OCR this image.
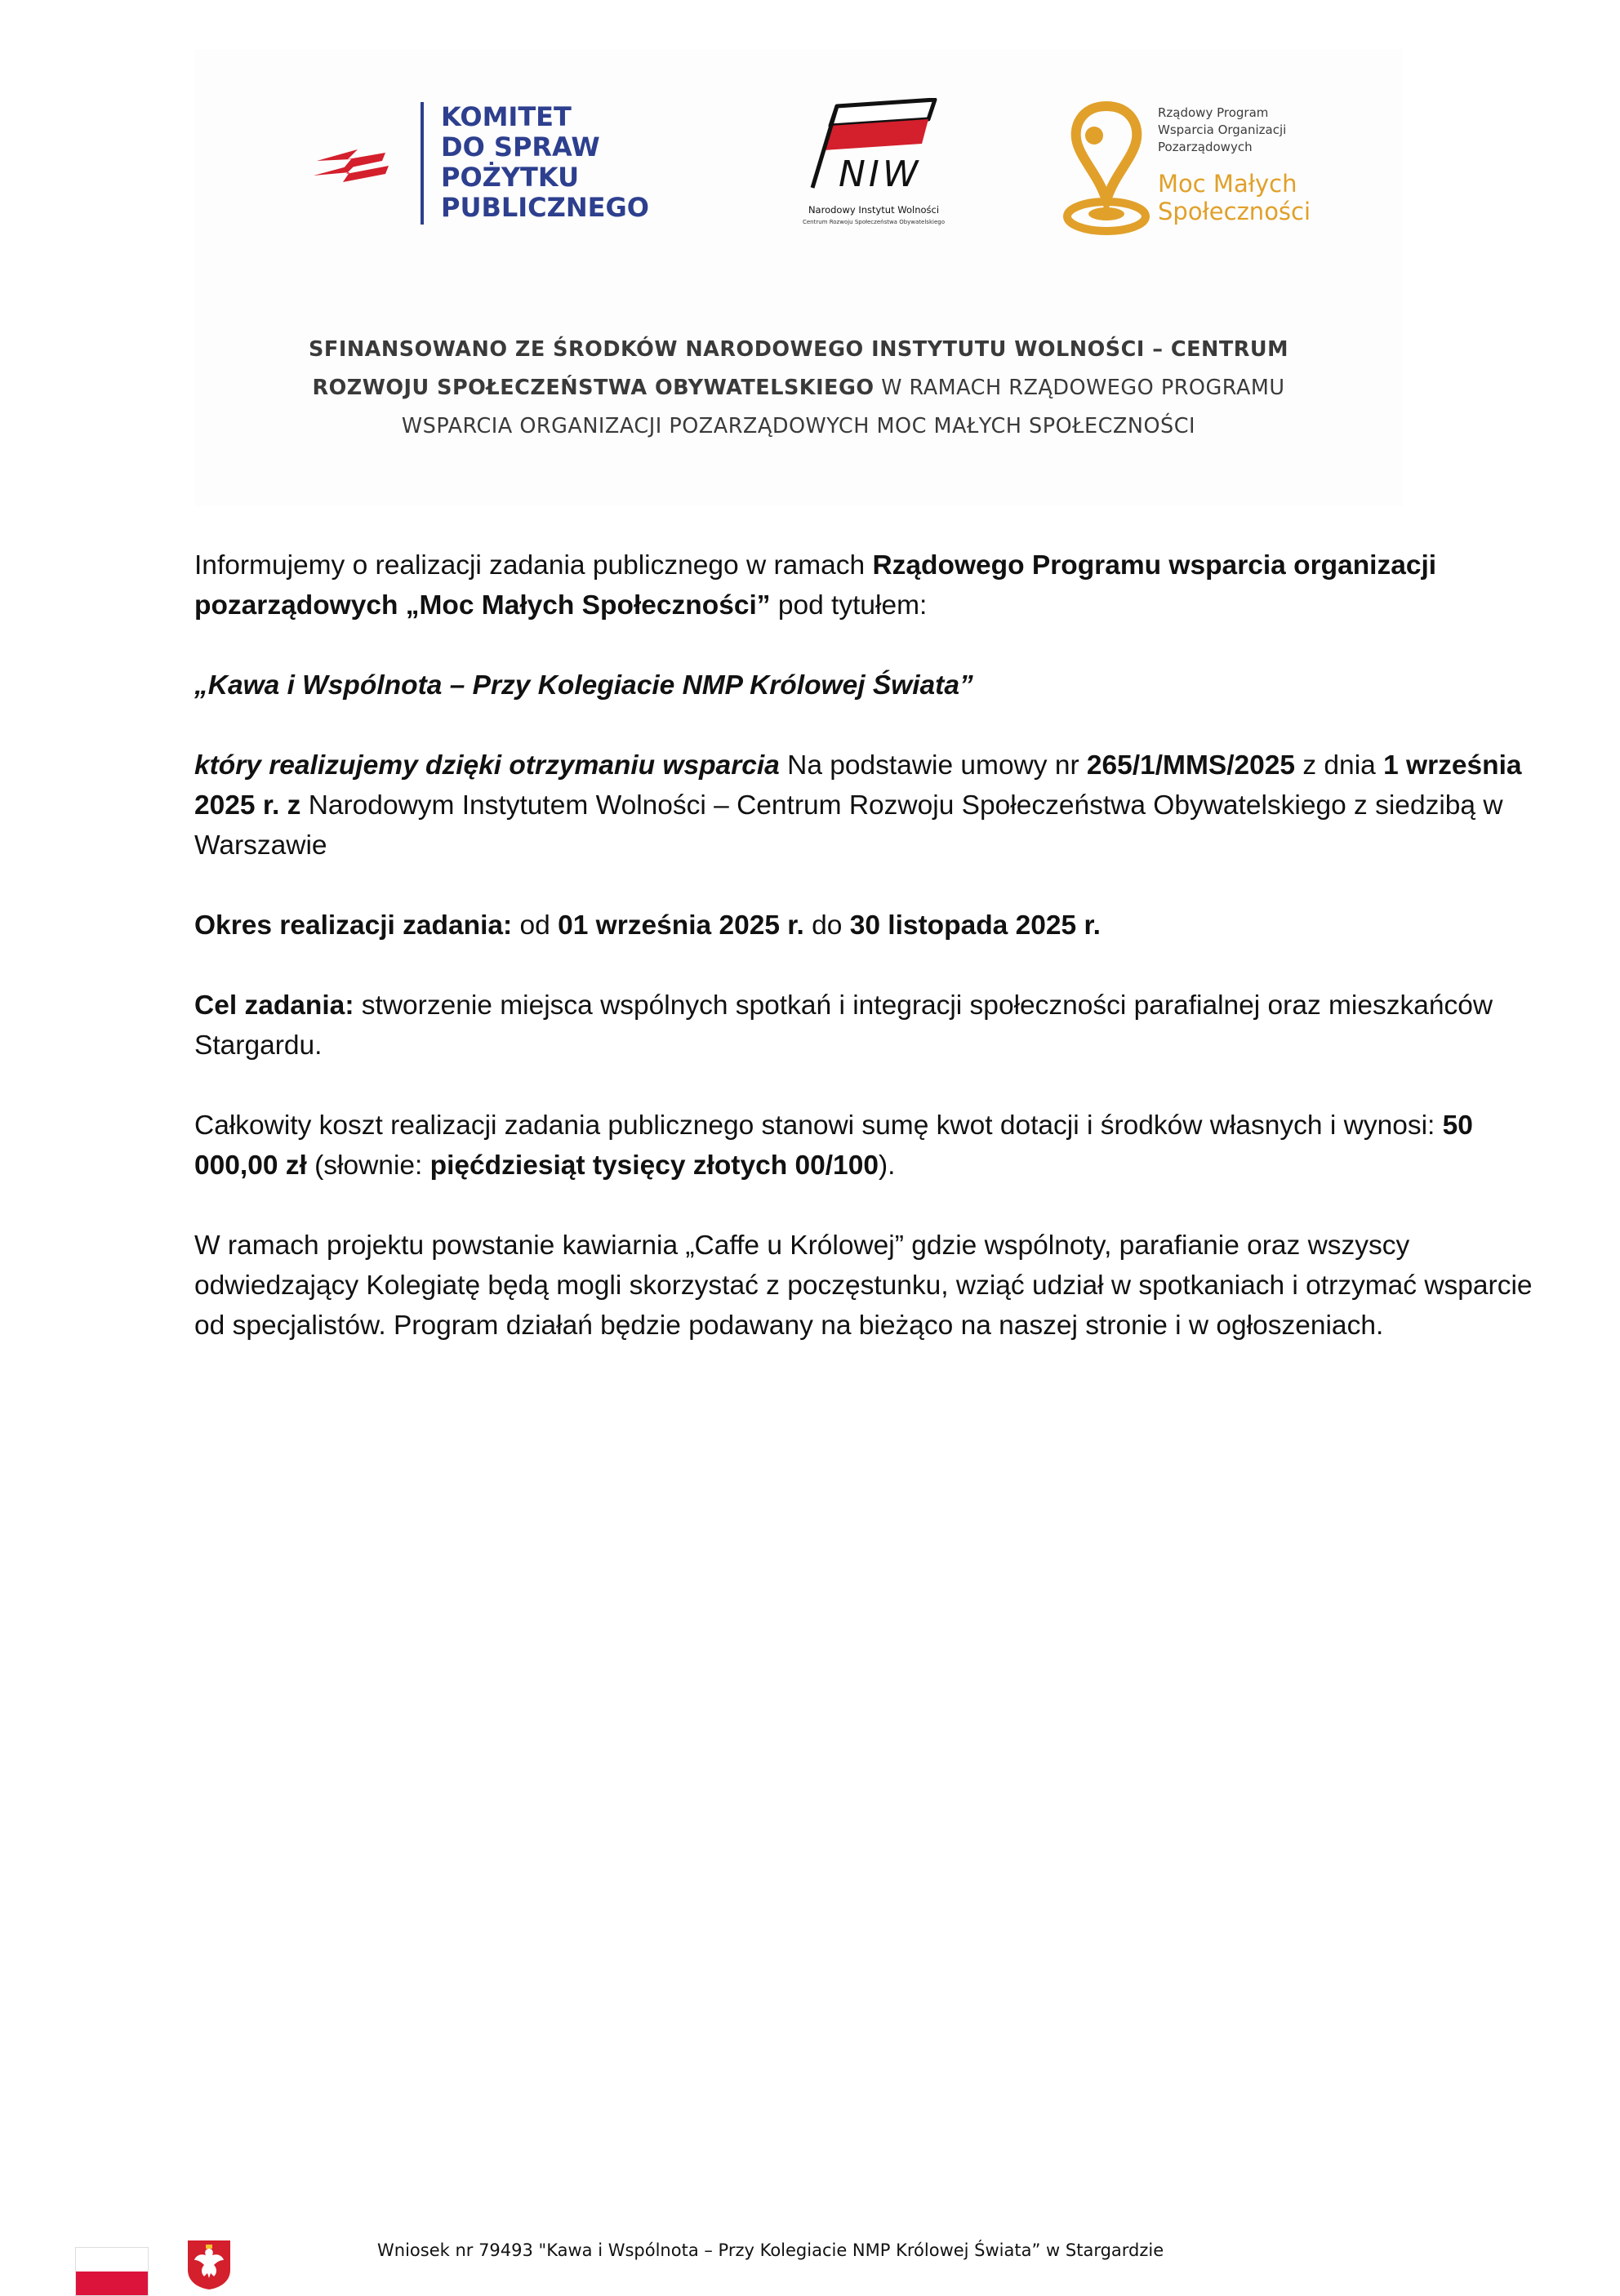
KOMITET
DO SPRAW
POŻYTKU
PUBLICZNEGO
NIW
Narodowy Instytut Wolności
Centrum Rozwoju Społeczeństwa Obywatelskiego
Rządowy Program
Wsparcia Organizacji
Pozarządowych
Moc Małych
Społeczności
SFINANSOWANO ZE ŚRODKÓW NARODOWEGO INSTYTUTU WOLNOŚCI – CENTRUM
ROZWOJU SPOŁECZEŃSTWA OBYWATELSKIEGO W RAMACH RZĄDOWEGO PROGRAMU
WSPARCIA ORGANIZACJI POZARZĄDOWYCH MOC MAŁYCH SPOŁECZNOŚCI

Informujemy o realizacji zadania publicznego w ramach Rządowego Programu wsparcia organizacji pozarządowych „Moc Małych Społeczności” pod tytułem:

„Kawa i Wspólnota – Przy Kolegiacie NMP Królowej Świata”

który realizujemy dzięki otrzymaniu wsparcia Na podstawie umowy nr 265/1/MMS/2025 z dnia 1 września 2025 r. z Narodowym Instytutem Wolności – Centrum Rozwoju Społeczeństwa Obywatelskiego z siedzibą w Warszawie

Okres realizacji zadania: od 01 września 2025 r. do 30 listopada 2025 r.

Cel zadania: stworzenie miejsca wspólnych spotkań i integracji społeczności parafialnej oraz mieszkańców Stargardu.

Całkowity koszt realizacji zadania publicznego stanowi sumę kwot dotacji i środków własnych i wynosi: 50 000,00 zł (słownie: pięćdziesiąt tysięcy złotych 00/100).

W ramach projektu powstanie kawiarnia „Caffe u Królowej” gdzie wspólnoty, parafianie oraz wszyscy odwiedzający Kolegiatę będą mogli skorzystać z poczęstunku, wziąć udział w spotkaniach i otrzymać wsparcie od specjalistów. Program działań będzie podawany na bieżąco na naszej stronie i w ogłoszeniach.

Wniosek nr 79493 "Kawa i Wspólnota – Przy Kolegiacie NMP Królowej Świata” w Stargardzie
